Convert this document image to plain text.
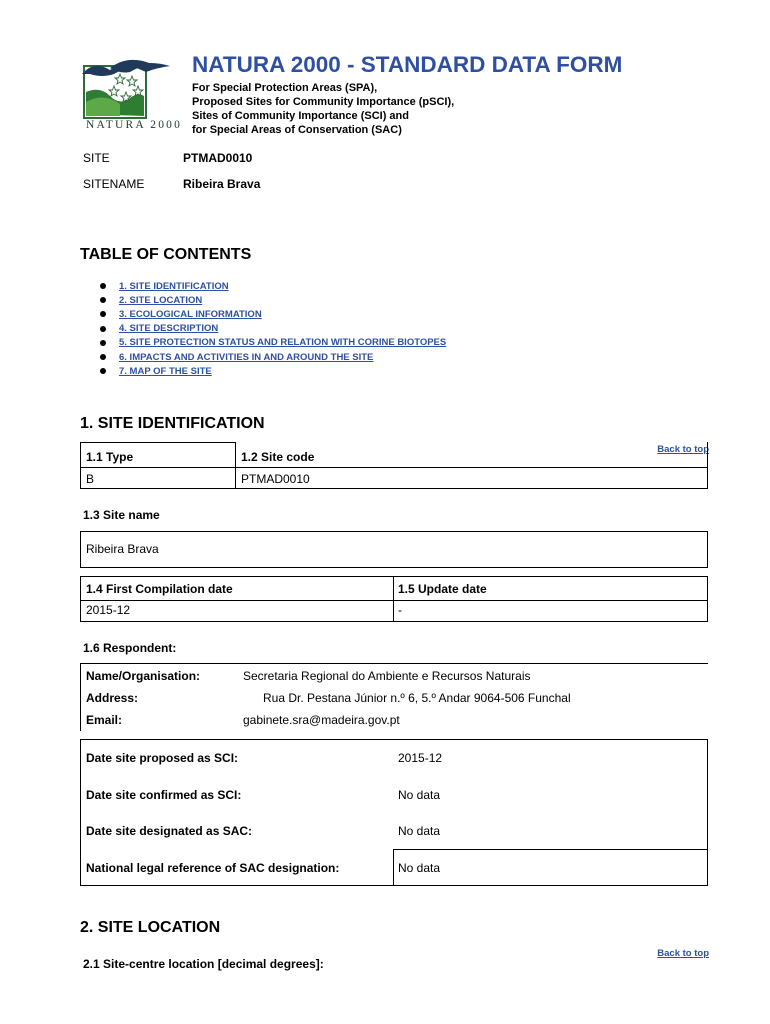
NATURA 2000
NATURA 2000 - STANDARD DATA FORM
For Special Protection Areas (SPA),
Proposed Sites for Community Importance (pSCI),
Sites of Community Importance (SCI) and
for Special Areas of Conservation (SAC)
SITE	PTMAD0010
SITENAME	Ribeira Brava
TABLE OF CONTENTS
1. SITE IDENTIFICATION
2. SITE LOCATION
3. ECOLOGICAL INFORMATION
4. SITE DESCRIPTION
5. SITE PROTECTION STATUS AND RELATION WITH CORINE BIOTOPES
6. IMPACTS AND ACTIVITIES IN AND AROUND THE SITE
7. MAP OF THE SITE
1. SITE IDENTIFICATION
Back to top
1.1 Type	1.2 Site code
B	PTMAD0010
1.3 Site name
Ribeira Brava
1.4 First Compilation date	1.5 Update date
2015-12	-
1.6 Respondent:
Name/Organisation:	Secretaria Regional do Ambiente e Recursos Naturais
Address:	Rua Dr. Pestana Júnior n.º 6, 5.º Andar 9064-506 Funchal
Email:	gabinete.sra@madeira.gov.pt
Date site proposed as SCI:	2015-12
Date site confirmed as SCI:	No data
Date site designated as SAC:	No data
National legal reference of SAC designation:	No data
2. SITE LOCATION
Back to top
2.1 Site-centre location [decimal degrees]:
